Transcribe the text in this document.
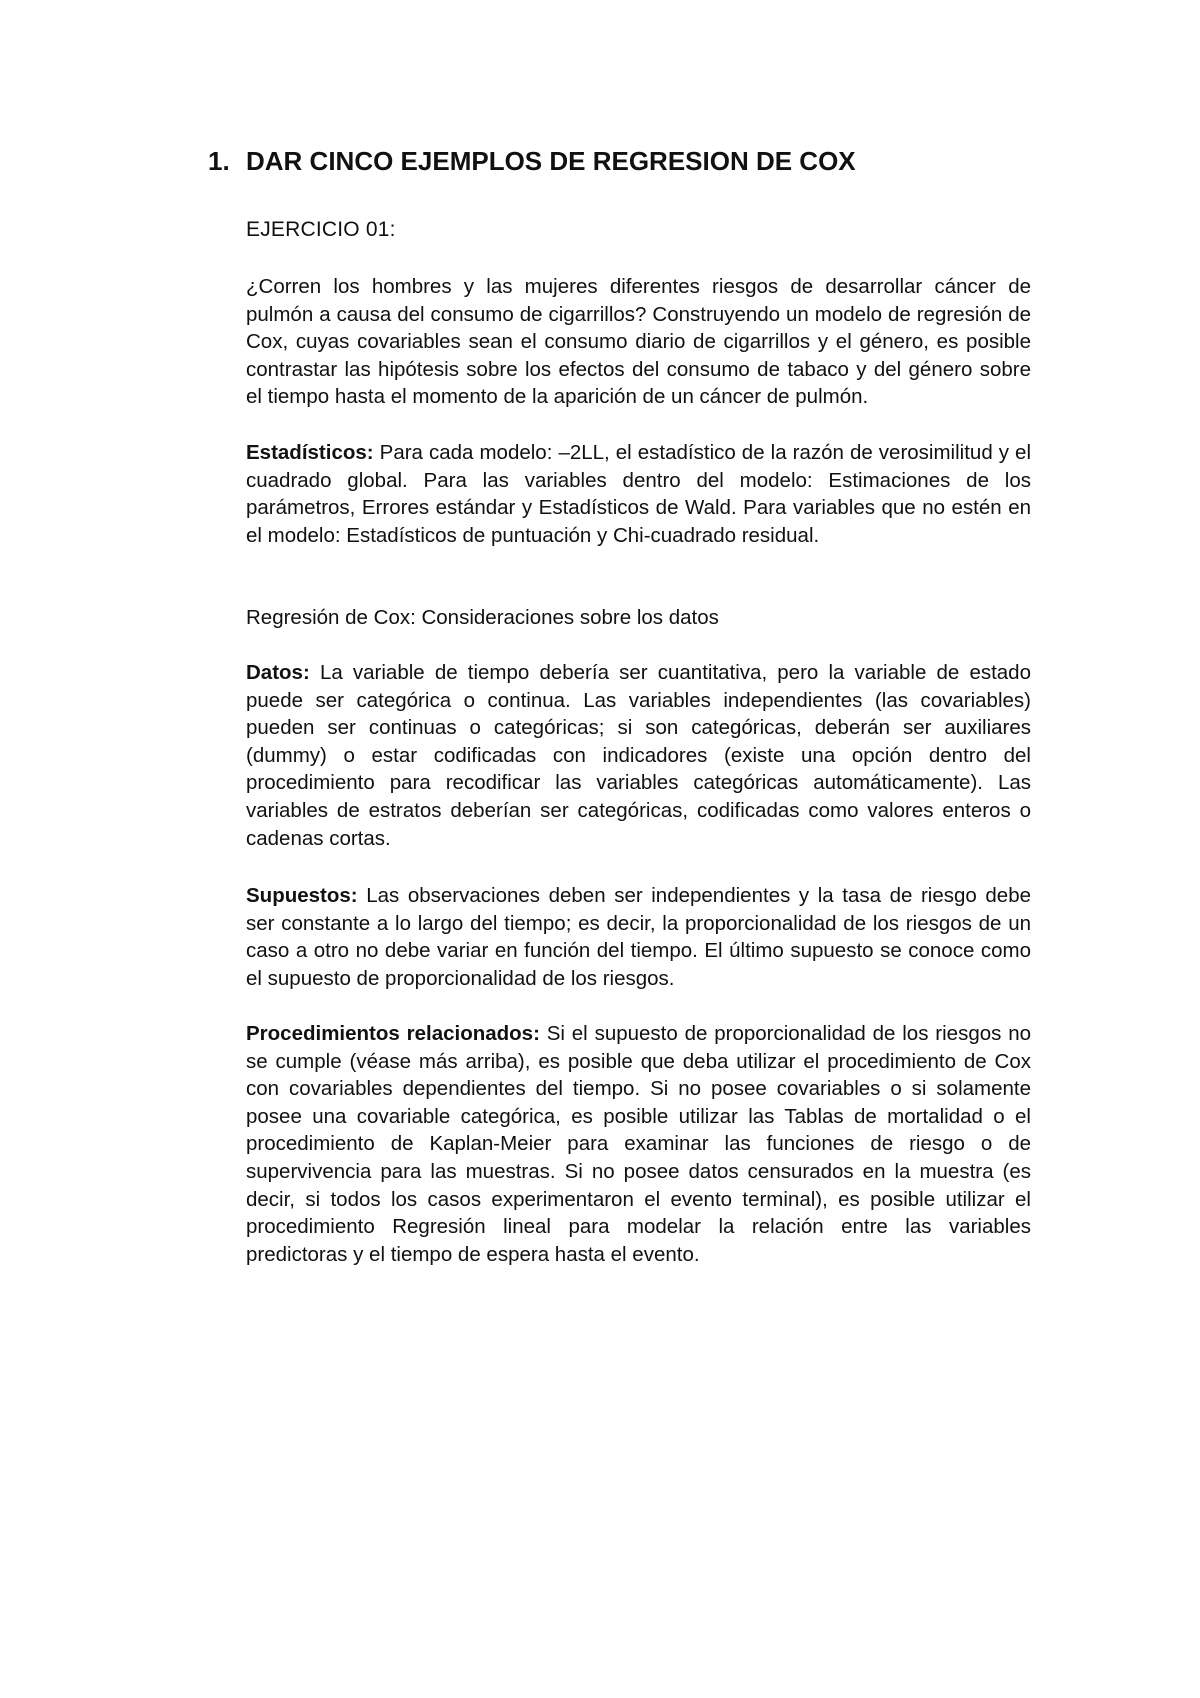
1. DAR CINCO EJEMPLOS DE REGRESION DE COX
EJERCICIO 01:

¿Corren los hombres y las mujeres diferentes riesgos de desarrollar cáncer de pulmón a causa del consumo de cigarrillos? Construyendo un modelo de regresión de Cox, cuyas covariables sean el consumo diario de cigarrillos y el género, es posible contrastar las hipótesis sobre los efectos del consumo de tabaco y del género sobre el tiempo hasta el momento de la aparición de un cáncer de pulmón.

Estadísticos: Para cada modelo: –2LL, el estadístico de la razón de verosimilitud y el cuadrado global. Para las variables dentro del modelo: Estimaciones de los parámetros, Errores estándar y Estadísticos de Wald. Para variables que no estén en el modelo: Estadísticos de puntuación y Chi-cuadrado residual.

Regresión de Cox: Consideraciones sobre los datos

Datos: La variable de tiempo debería ser cuantitativa, pero la variable de estado puede ser categórica o continua. Las variables independientes (las covariables) pueden ser continuas o categóricas; si son categóricas, deberán ser auxiliares (dummy) o estar codificadas con indicadores (existe una opción dentro del procedimiento para recodificar las variables categóricas automáticamente). Las variables de estratos deberían ser categóricas, codificadas como valores enteros o cadenas cortas.

Supuestos: Las observaciones deben ser independientes y la tasa de riesgo debe ser constante a lo largo del tiempo; es decir, la proporcionalidad de los riesgos de un caso a otro no debe variar en función del tiempo. El último supuesto se conoce como el supuesto de proporcionalidad de los riesgos.

Procedimientos relacionados: Si el supuesto de proporcionalidad de los riesgos no se cumple (véase más arriba), es posible que deba utilizar el procedimiento de Cox con covariables dependientes del tiempo. Si no posee covariables o si solamente posee una covariable categórica, es posible utilizar las Tablas de mortalidad o el procedimiento de Kaplan-Meier para examinar las funciones de riesgo o de supervivencia para las muestras. Si no posee datos censurados en la muestra (es decir, si todos los casos experimentaron el evento terminal), es posible utilizar el procedimiento Regresión lineal para modelar la relación entre las variables predictoras y el tiempo de espera hasta el evento.
